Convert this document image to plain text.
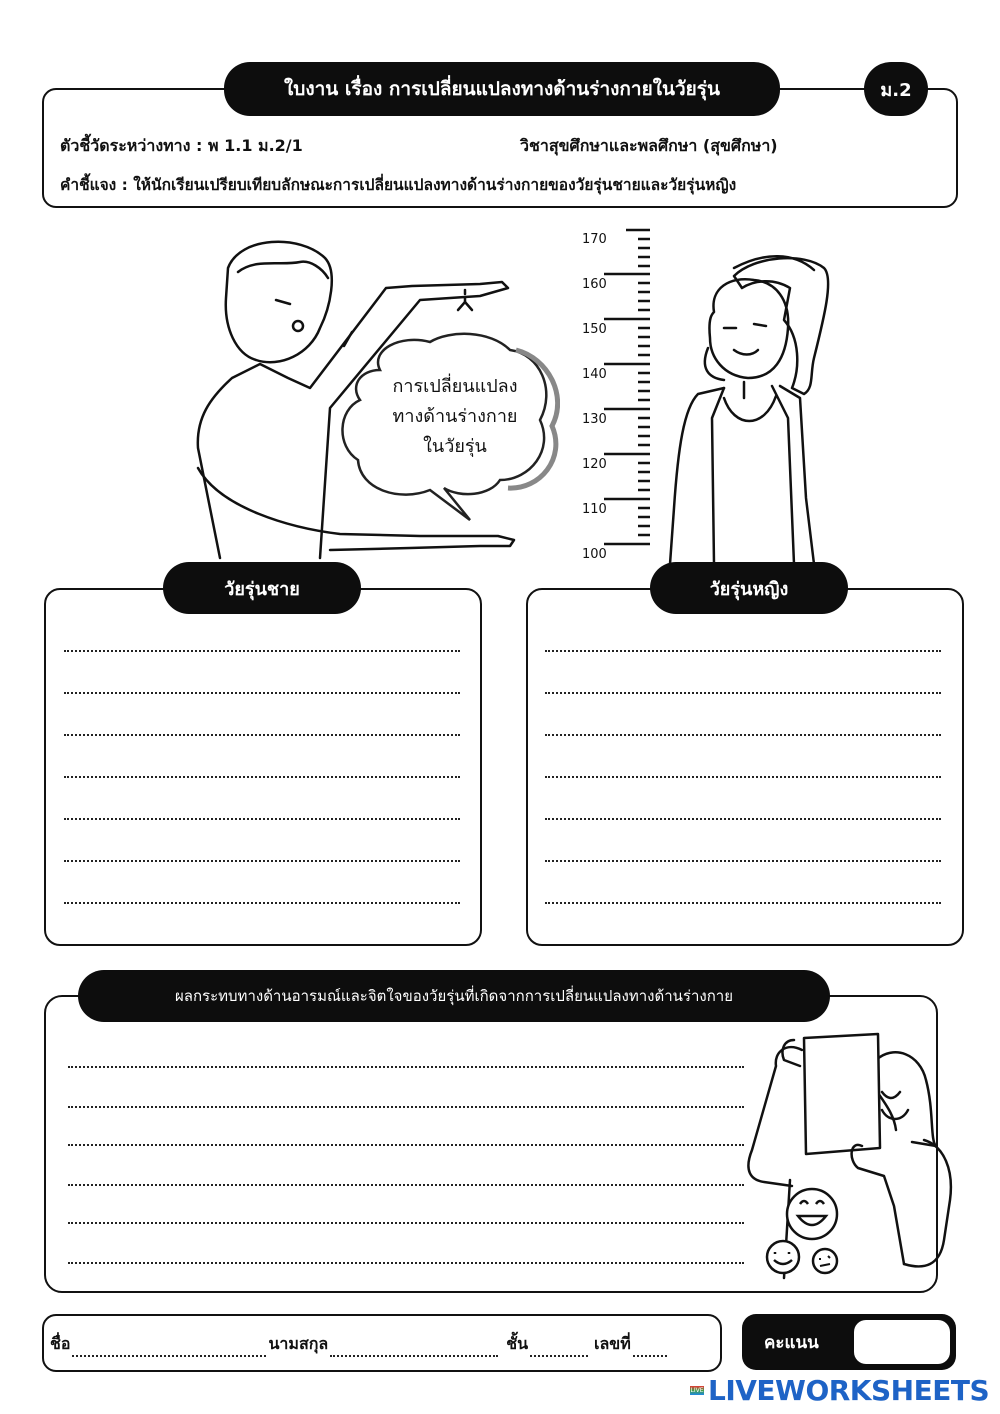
ใบงาน เรื่อง การเปลี่ยนแปลงทางด้านร่างกายในวัยรุ่น	ม.2
ตัวชี้วัดระหว่างทาง : พ 1.1 ม.2/1	วิชาสุขศึกษาและพลศึกษา (สุขศึกษา)
คำชี้แจง : ให้นักเรียนเปรียบเทียบลักษณะการเปลี่ยนแปลงทางด้านร่างกายของวัยรุ่นชายและวัยรุ่นหญิง
การเปลี่ยนแปลง
ทางด้านร่างกาย
ในวัยรุ่น
170
160
150
140
130
120
110
100
วัยรุ่นชาย	วัยรุ่นหญิง
ผลกระทบทางด้านอารมณ์และจิตใจของวัยรุ่นที่เกิดจากการเปลี่ยนแปลงทางด้านร่างกาย
ชื่อ	นามสกุล	ชั้น	เลขที่	คะแนน
LIVE LIVEWORKSHEETS
